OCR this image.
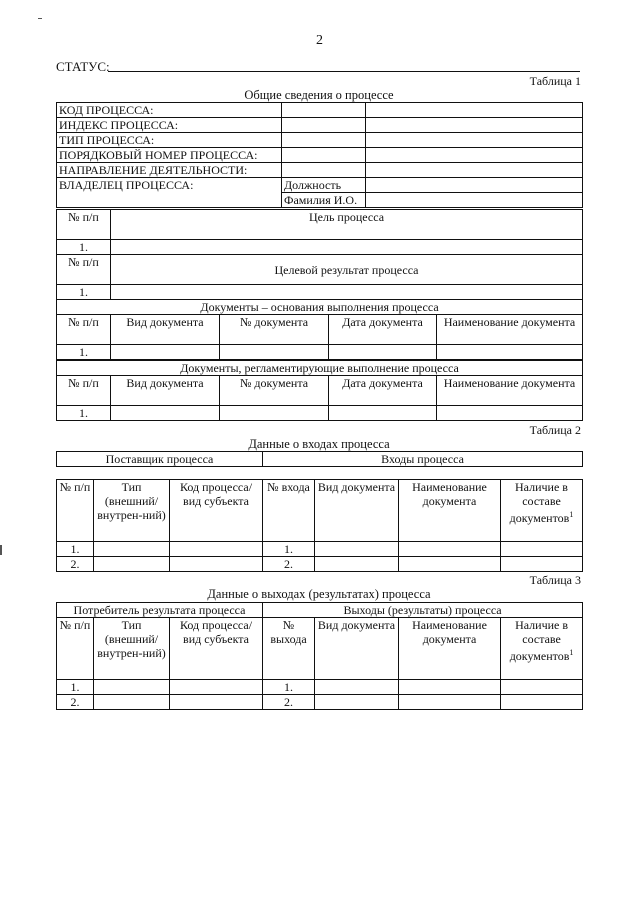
2
СТАТУС:
Таблица 1
Общие сведения о процессе
КОД ПРОЦЕССА:		
ИНДЕКС ПРОЦЕССА:		
ТИП ПРОЦЕССА:		
ПОРЯДКОВЫЙ НОМЕР ПРОЦЕССА:		
НАПРАВЛЕНИЕ ДЕЯТЕЛЬНОСТИ:		
ВЛАДЕЛЕЦ ПРОЦЕССА:	Должность	
	Фамилия И.О.	
№ п/п	Цель процесса
1.	
№ п/п	Целевой результат процесса
1.	
Документы – основания выполнения процесса				
№ п/п	Вид документа	№ документа	Дата документа	Наименование документа
1.				
Документы, регламентирующие выполнение процесса				
№ п/п	Вид документа	№ документа	Дата документа	Наименование документа
1.				
Таблица 2
Данные о входах процесса
Поставщик процесса	Входы процесса
№ п/п	Тип (внешний/ внутрен-ний)	Код процесса/ вид субъекта	№ входа	Вид документа	Наименование документа	Наличие в составе документов$^1$
1.			1.			
2.			2.			
Таблица 3
Данные о выходах (результатах) процесса
Потребитель результата процесса			Выходы (результаты) процесса			
№ п/п	Тип (внешний/ внутрен-ний)	Код процесса/ вид субъекта	№ выхода	Вид документа	Наименование документа	Наличие в составе документов$^1$
1.			1.			
2.			2.			
